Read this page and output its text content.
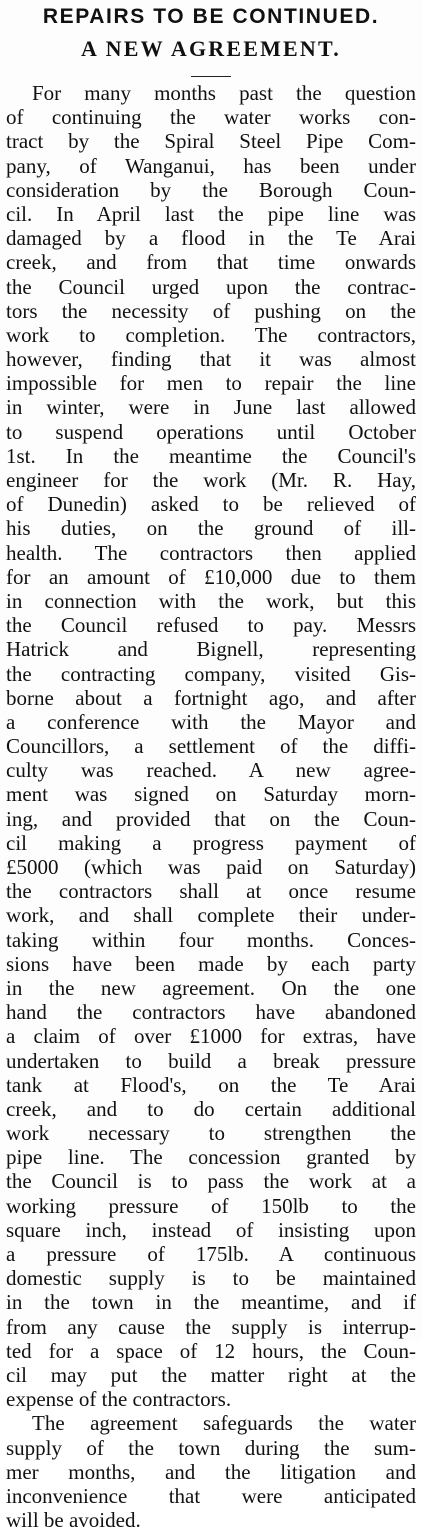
REPAIRS TO BE CONTINUED.
A NEW AGREEMENT.
For many months past the question
of continuing the water works con-
tract by the Spiral Steel Pipe Com-
pany, of Wanganui, has been under
consideration by the Borough Coun-
cil. In April last the pipe line was
damaged by a flood in the Te Arai
creek, and from that time onwards
the Council urged upon the contrac-
tors the necessity of pushing on the
work to completion. The contractors,
however, finding that it was almost
impossible for men to repair the line
in winter, were in June last allowed
to suspend operations until October
1st. In the meantime the Council's
engineer for the work (Mr. R. Hay,
of Dunedin) asked to be relieved of
his duties, on the ground of ill-
health. The contractors then applied
for an amount of £10,000 due to them
in connection with the work, but this
the Council refused to pay. Messrs
Hatrick and Bignell, representing
the contracting company, visited Gis-
borne about a fortnight ago, and after
a conference with the Mayor and
Councillors, a settlement of the diffi-
culty was reached. A new agree-
ment was signed on Saturday morn-
ing, and provided that on the Coun-
cil making a progress payment of
£5000 (which was paid on Saturday)
the contractors shall at once resume
work, and shall complete their under-
taking within four months. Conces-
sions have been made by each party
in the new agreement. On the one
hand the contractors have abandoned
a claim of over £1000 for extras, have
undertaken to build a break pressure
tank at Flood's, on the Te Arai
creek, and to do certain additional
work necessary to strengthen the
pipe line. The concession granted by
the Council is to pass the work at a
working pressure of 150lb to the
square inch, instead of insisting upon
a pressure of 175lb. A continuous
domestic supply is to be maintained
in the town in the meantime, and if
from any cause the supply is interrup-
ted for a space of 12 hours, the Coun-
cil may put the matter right at the
expense of the contractors.
The agreement safeguards the water
supply of the town during the sum-
mer months, and the litigation and
inconvenience that were anticipated
will be avoided.
